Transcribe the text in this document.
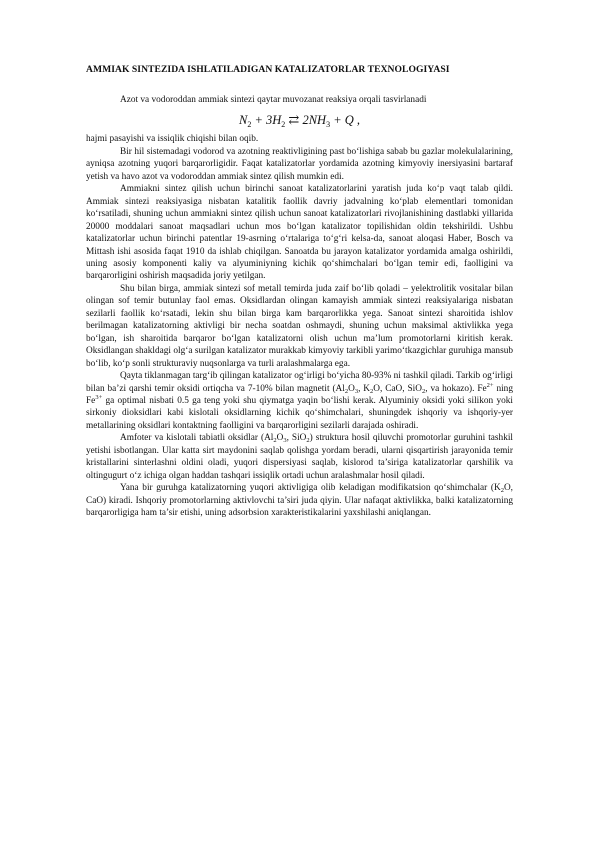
AMMIAK SINTEZIDA ISHLATILADIGAN KATALIZATORLAR TEXNOLOGIYASI

Azot va vodoroddan ammiak sintezi qaytar muvozanat reaksiya orqali tasvirlanadi

$N_2 + 3H_2$ ⇄ $2NH_3 + Q$ ,

hajmi pasayishi va issiqlik chiqishi bilan oqib.

Bir hil sistemadagi vodorod va azotning reaktivligining past bo‘lishiga sabab bu gazlar molekulalarining, ayniqsa azotning yuqori barqarorligidir. Faqat katalizatorlar yordamida azotning kimyoviy inersiyasini bartaraf yetish va havo azot va vodoroddan ammiak sintez qilish mumkin edi.

Ammiakni sintez qilish uchun birinchi sanoat katalizatorlarini yaratish juda ko‘p vaqt talab qildi. Ammiak sintezi reaksiyasiga nisbatan katalitik faollik davriy jadvalning ko‘plab elementlari tomonidan ko‘rsatiladi, shuning uchun ammiakni sintez qilish uchun sanoat katalizatorlari rivojlanishining dastlabki yillarida 20000 moddalari sanoat maqsadlari uchun mos bo‘lgan katalizator topilishidan oldin tekshirildi. Ushbu katalizatorlar uchun birinchi patentlar 19-asrning o‘rtalariga to‘g‘ri kelsa-da, sanoat aloqasi Haber, Bosch va Mittash ishi asosida faqat 1910 da ishlab chiqilgan. Sanoatda bu jarayon katalizator yordamida amalga oshirildi, uning asosiy komponenti kaliy va alyuminiyning kichik qo‘shimchalari bo‘lgan temir edi, faolligini va barqarorligini oshirish maqsadida joriy yetilgan.

Shu bilan birga, ammiak sintezi sof metall temirda juda zaif bo‘lib qoladi – yelektrolitik vositalar bilan olingan sof temir butunlay faol emas. Oksidlardan olingan kamayish ammiak sintezi reaksiyalariga nisbatan sezilarli faollik ko‘rsatadi, lekin shu bilan birga kam barqarorlikka yega. Sanoat sintezi sharoitida ishlov berilmagan katalizatorning aktivligi bir necha soatdan oshmaydi, shuning uchun maksimal aktivlikka yega bo‘lgan, ish sharoitida barqaror bo‘lgan katalizatorni olish uchun ma’lum promotorlarni kiritish kerak. Oksidlangan shakldagi olg‘a surilgan katalizator murakkab kimyoviy tarkibli yarimo‘tkazgichlar guruhiga mansub bo‘lib, ko‘p sonli strukturaviy nuqsonlarga va turli aralashmalarga ega.

Qayta tiklanmagan targ‘ib qilingan katalizator og‘irligi bo‘yicha 80-93% ni tashkil qiladi. Tarkib og‘irligi bilan ba’zi qarshi temir oksidi ortiqcha va 7-10% bilan magnetit ($Al_2O_3$, $K_2O$, CaO, SiO$_2$, va hokazo). $Fe^{2+}$ ning $Fe^{3+}$ ga optimal nisbati 0.5 ga teng yoki shu qiymatga yaqin bo‘lishi kerak. Alyuminiy oksidi yoki silikon yoki sirkoniy dioksidlari kabi kislotali oksidlarning kichik qo‘shimchalari, shuningdek ishqoriy va ishqoriy-yer metallarining oksidlari kontaktning faolligini va barqarorligini sezilarli darajada oshiradi.

Amfoter va kislotali tabiatli oksidlar ($Al_2O_3$, SiO$_2$) struktura hosil qiluvchi promotorlar guruhini tashkil yetishi isbotlangan. Ular katta sirt maydonini saqlab qolishga yordam beradi, ularni qisqartirish jarayonida temir kristallarini sinterlashni oldini oladi, yuqori dispersiyasi saqlab, kislorod ta’siriga katalizatorlar qarshilik va oltingugurt o‘z ichiga olgan haddan tashqari issiqlik ortadi uchun aralashmalar hosil qiladi.

Yana bir guruhga katalizatorning yuqori aktivligiga olib keladigan modifikatsion qo‘shimchalar ($K_2O$, CaO) kiradi. Ishqoriy promotorlarning aktivlovchi ta’siri juda qiyin. Ular nafaqat aktivlikka, balki katalizatorning barqarorligiga ham ta’sir etishi, uning adsorbsion xarakteristikalarini yaxshilashi aniqlangan.
